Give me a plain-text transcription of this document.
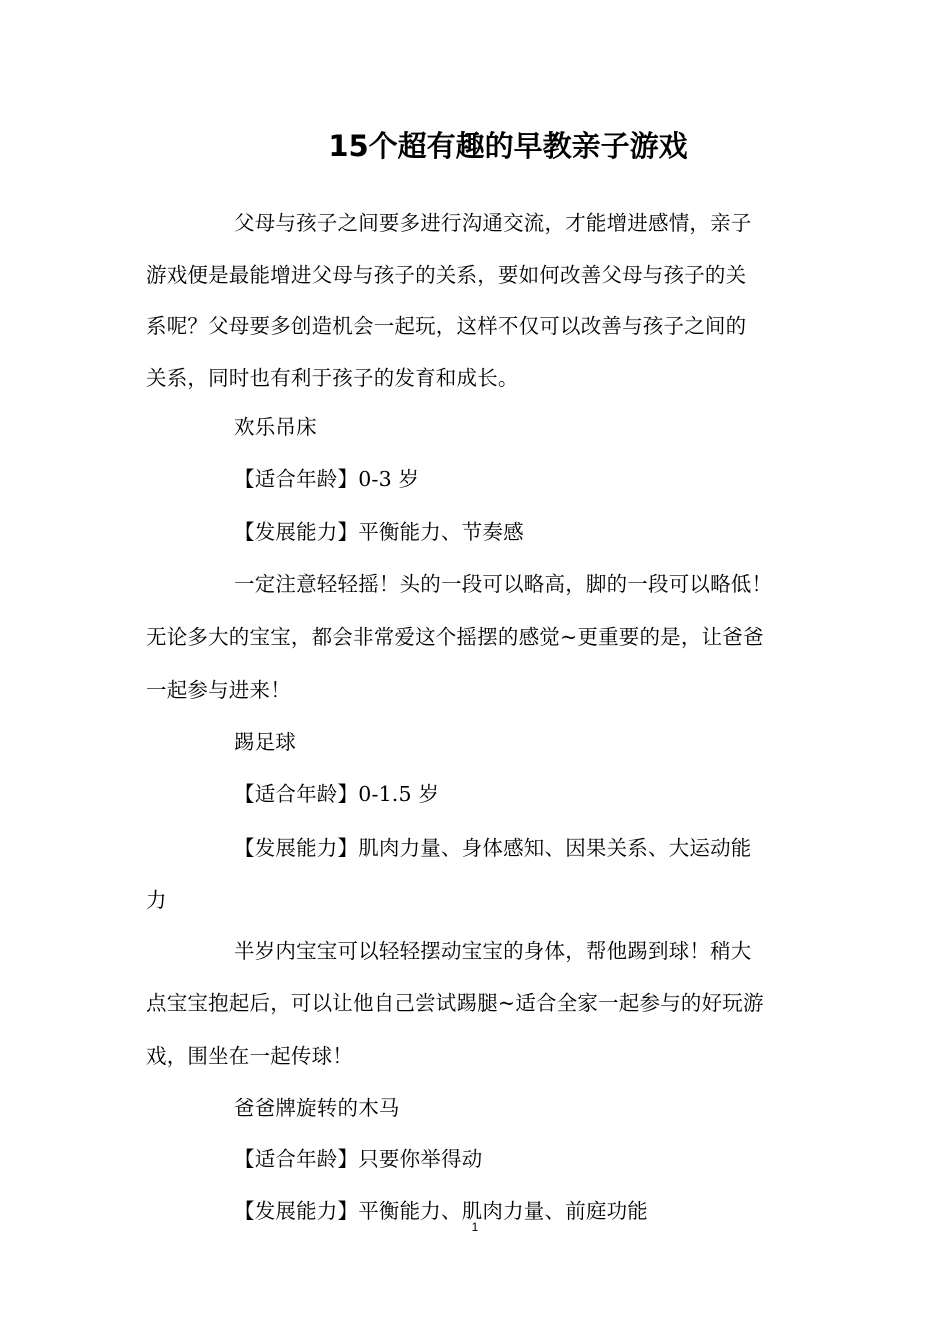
15个超有趣的早教亲子游戏
父母与孩子之间要多进行沟通交流，才能增进感情，亲子
游戏便是最能增进父母与孩子的关系，要如何改善父母与孩子的关
系呢？父母要多创造机会一起玩，这样不仅可以改善与孩子之间的
关系，同时也有利于孩子的发育和成长。
欢乐吊床
【适合年龄】0-3 岁
【发展能力】平衡能力、节奏感
一定注意轻轻摇！头的一段可以略高，脚的一段可以略低！
无论多大的宝宝，都会非常爱这个摇摆的感觉~更重要的是，让爸爸
一起参与进来！
踢足球
【适合年龄】0-1.5 岁
【发展能力】肌肉力量、身体感知、因果关系、大运动能
力
半岁内宝宝可以轻轻摆动宝宝的身体，帮他踢到球！稍大
点宝宝抱起后，可以让他自己尝试踢腿~适合全家一起参与的好玩游
戏，围坐在一起传球！
爸爸牌旋转的木马
【适合年龄】只要你举得动
【发展能力】平衡能力、肌肉力量、前庭功能
1
